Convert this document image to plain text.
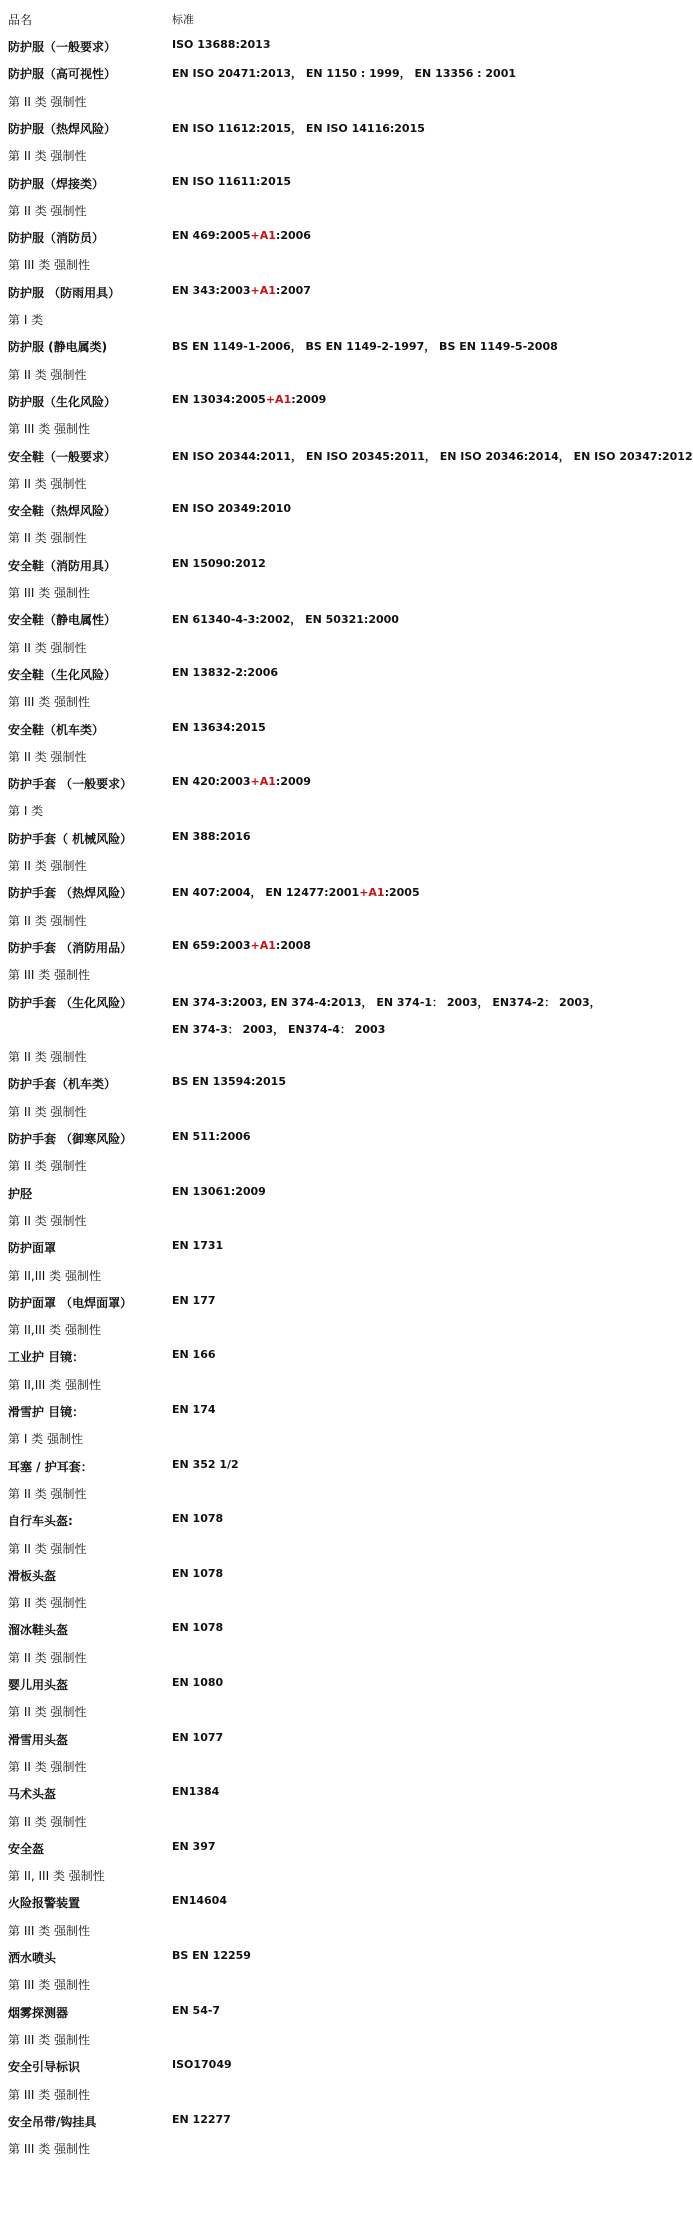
品名	标准
防护服（一般要求）	ISO 13688:2013
防护服（高可视性）	EN ISO 20471:2013， EN 1150 : 1999， EN 13356 : 2001
第 II 类 强制性
防护服（热焊风险）	EN ISO 11612:2015， EN ISO 14116:2015
第 II 类 强制性
防护服（焊接类）	EN ISO 11611:2015
第 II 类 强制性
防护服（消防员）	EN 469:2005+A1:2006
第 III 类 强制性
防护服 （防雨用具）	EN 343:2003+A1:2007
第 I 类
防护服 (静电属类)	BS EN 1149-1-2006， BS EN 1149-2-1997， BS EN 1149-5-2008
第 II 类 强制性
防护服（生化风险）	EN 13034:2005+A1:2009
第 III 类 强制性
安全鞋（一般要求）	EN ISO 20344:2011， EN ISO 20345:2011， EN ISO 20346:2014， EN ISO 20347:2012
第 II 类 强制性
安全鞋（热焊风险）	EN ISO 20349:2010
第 II 类 强制性
安全鞋（消防用具）	EN 15090:2012
第 III 类 强制性
安全鞋（静电属性）	EN 61340-4-3:2002， EN 50321:2000
第 II 类 强制性
安全鞋（生化风险）	EN 13832-2:2006
第 III 类 强制性
安全鞋（机车类）	EN 13634:2015
第 II 类 强制性
防护手套 （一般要求）	EN 420:2003+A1:2009
第 I 类
防护手套（ 机械风险）	EN 388:2016
第 II 类 强制性
防护手套 （热焊风险）	EN 407:2004， EN 12477:2001+A1:2005
第 II 类 强制性
防护手套 （消防用品）	EN 659:2003+A1:2008
第 III 类 强制性
防护手套 （生化风险）	EN 374-3:2003, EN 374-4:2013， EN 374-1： 2003， EN374-2： 2003，
EN 374-3： 2003， EN374-4： 2003
第 II 类 强制性
防护手套（机车类）	BS EN 13594:2015
第 II 类 强制性
防护手套 （御寒风险）	EN 511:2006
第 II 类 强制性
护胫	EN 13061:2009
第 II 类 强制性
防护面罩	EN 1731
第 II,III 类 强制性
防护面罩 （电焊面罩）	EN 177
第 II,III 类 强制性
工业护 目镜：	EN 166
第 II,III 类 强制性
滑雪护 目镜：	EN 174
第 I 类 强制性
耳塞 / 护耳套：	EN 352 1/2
第 II 类 强制性
自行车头盔:	EN 1078
第 II 类 强制性
滑板头盔	EN 1078
第 II 类 强制性
溜冰鞋头盔	EN 1078
第 II 类 强制性
婴儿用头盔	EN 1080
第 II 类 强制性
滑雪用头盔	EN 1077
第 II 类 强制性
马术头盔	EN1384
第 II 类 强制性
安全盔	EN 397
第 II, III 类 强制性
火险报警装置	EN14604
第 III 类 强制性
洒水喷头	BS EN 12259
第 III 类 强制性
烟雾探测器	EN 54-7
第 III 类 强制性
安全引导标识	ISO17049
第 III 类 强制性
安全吊带/钩挂具	EN 12277
第 III 类 强制性
